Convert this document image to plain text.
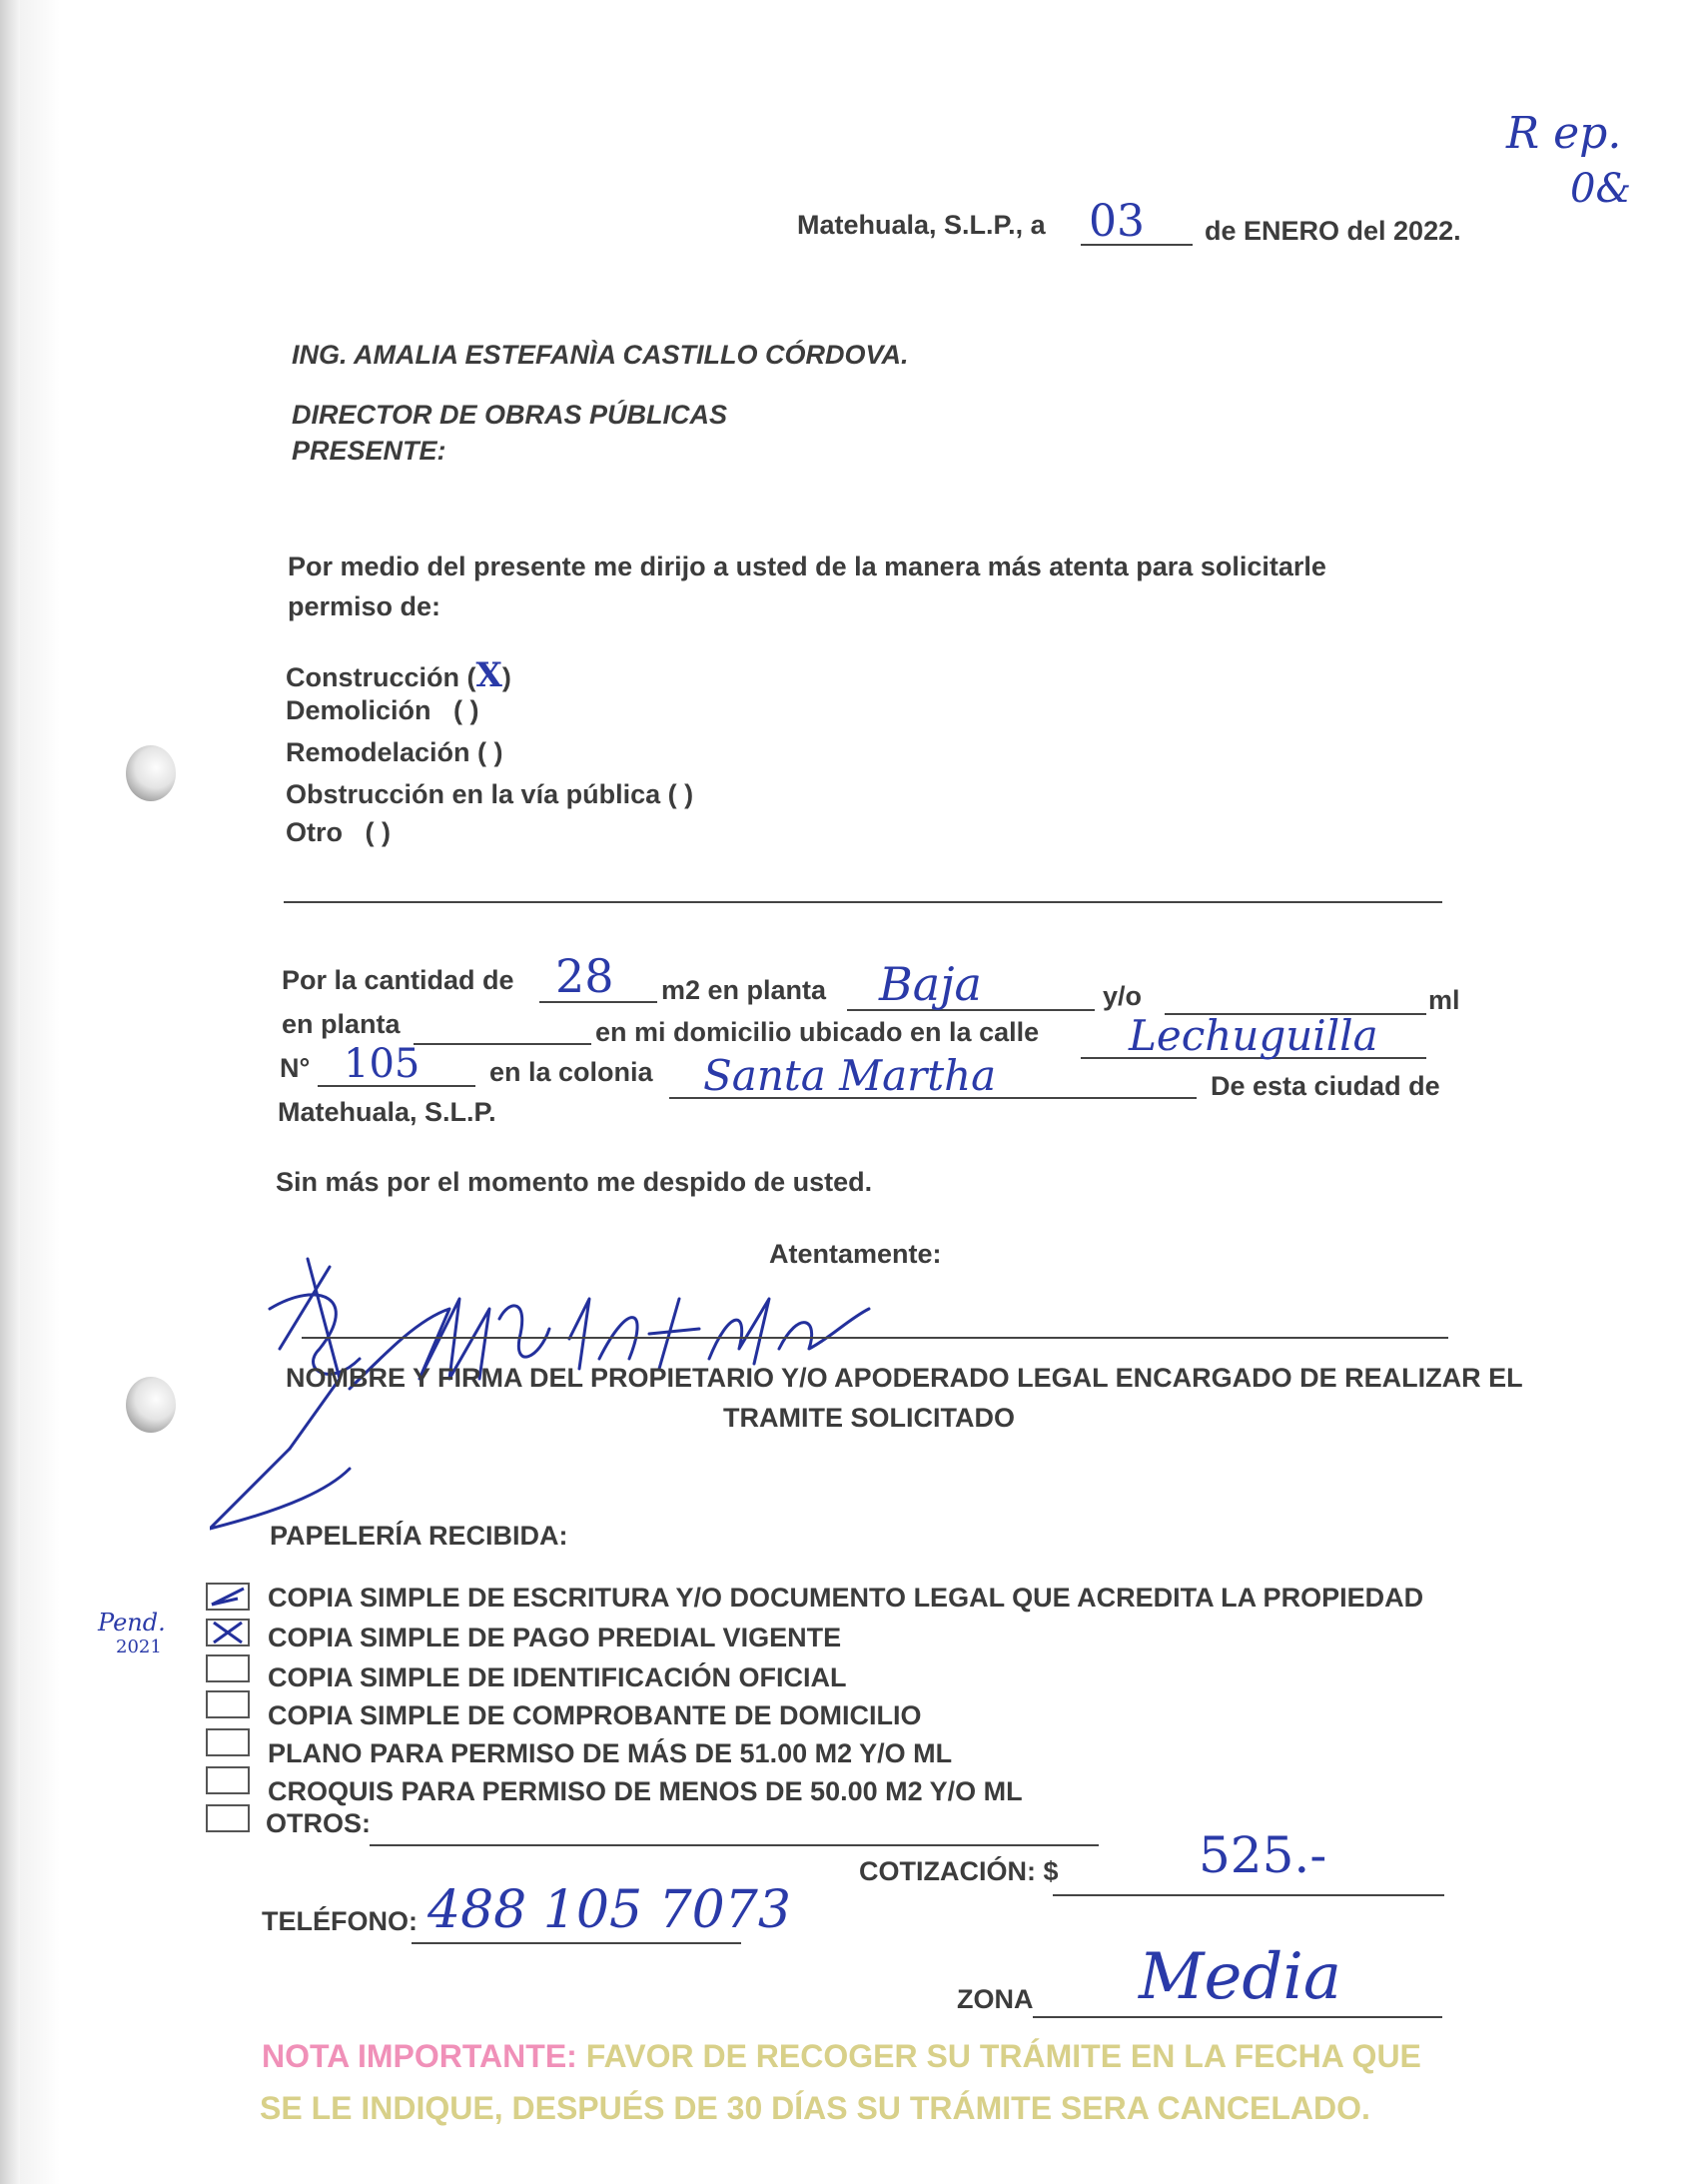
R ep.
0&
Matehuala, S.L.P., a 03 de ENERO del 2022.
ING. AMALIA ESTEFANÌA CASTILLO CÓRDOVA.
DIRECTOR DE OBRAS PÚBLICAS
PRESENTE:
Por medio del presente me dirijo a usted de la manera más atenta para solicitarle
permiso de:
Construcción (X)
Demolición ( )
Remodelación ( )
Obstrucción en la vía pública ( )
Otro ( )
Por la cantidad de 28 m2 en planta Baja	y/o	ml
en planta	en mi domicilio ubicado en la calle Lechuguilla
N° 105	en la colonia Santa Martha	De esta ciudad de
Matehuala, S.L.P.
Sin más por el momento me despido de usted.
Atentamente:
NOMBRE Y FIRMA DEL PROPIETARIO Y/O APODERADO LEGAL ENCARGADO DE REALIZAR EL
TRAMITE SOLICITADO
PAPELERÍA RECIBIDA:
Pend.
2021
COPIA SIMPLE DE ESCRITURA Y/O DOCUMENTO LEGAL QUE ACREDITA LA PROPIEDAD
COPIA SIMPLE DE PAGO PREDIAL VIGENTE
COPIA SIMPLE DE IDENTIFICACIÓN OFICIAL
COPIA SIMPLE DE COMPROBANTE DE DOMICILIO
PLANO PARA PERMISO DE MÁS DE 51.00 M2 Y/O ML
CROQUIS PARA PERMISO DE MENOS DE 50.00 M2 Y/O ML
OTROS:
COTIZACIÓN: $	525.-
TELÉFONO: 488 105 7073
ZONA Media
NOTA IMPORTANTE: FAVOR DE RECOGER SU TRÁMITE EN LA FECHA QUE
SE LE INDIQUE, DESPUÉS DE 30 DÍAS SU TRÁMITE SERA CANCELADO.
